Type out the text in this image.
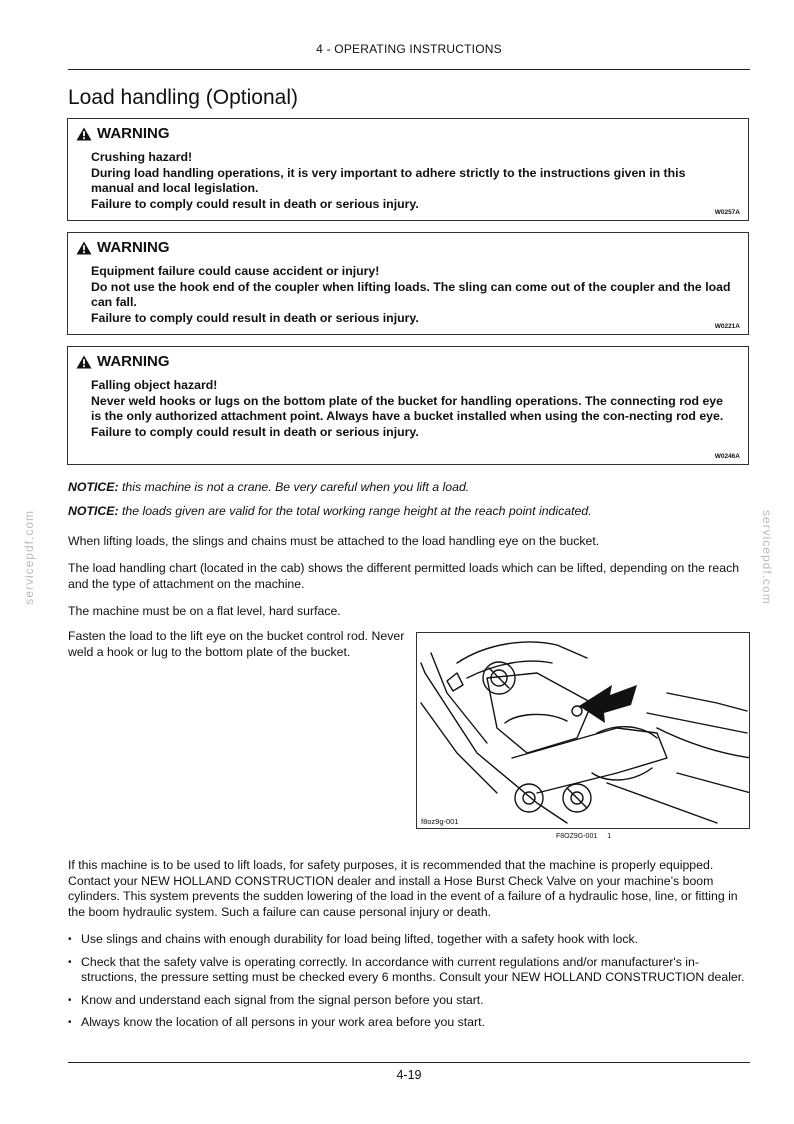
4 - OPERATING INSTRUCTIONS
Load handling (Optional)
WARNING
Crushing hazard!
During load handling operations, it is very important to adhere strictly to the instructions given in this manual and local legislation.
Failure to comply could result in death or serious injury.
W0257A
WARNING
Equipment failure could cause accident or injury!
Do not use the hook end of the coupler when lifting loads. The sling can come out of the coupler and the load can fall.
Failure to comply could result in death or serious injury.
W0221A
WARNING
Falling object hazard!
Never weld hooks or lugs on the bottom plate of the bucket for handling operations. The connecting rod eye is the only authorized attachment point. Always have a bucket installed when using the con-necting rod eye.
Failure to comply could result in death or serious injury.
W0246A
NOTICE: this machine is not a crane. Be very careful when you lift a load.
NOTICE: the loads given are valid for the total working range height at the reach point indicated.
When lifting loads, the slings and chains must be attached to the load handling eye on the bucket.
The load handling chart (located in the cab) shows the different permitted loads which can be lifted, depending on the reach and the type of attachment on the machine.
The machine must be on a flat level, hard surface.
Fasten the load to the lift eye on the bucket control rod. Never weld a hook or lug to the bottom plate of the bucket.
f8oz9g-001
F8OZ9G-001 1
If this machine is to be used to lift loads, for safety purposes, it is recommended that the machine is properly equipped. Contact your NEW HOLLAND CONSTRUCTION dealer and install a Hose Burst Check Valve on your machine’s boom cylinders. This system prevents the sudden lowering of the load in the event of a failure of a hydraulic hose, line, or fitting in the boom hydraulic system. Such a failure can cause personal injury or death.
• Use slings and chains with enough durability for load being lifted, together with a safety hook with lock.
• Check that the safety valve is operating correctly. In accordance with current regulations and/or manufacturer's in-structions, the pressure setting must be checked every 6 months. Consult your NEW HOLLAND CONSTRUCTION dealer.
• Know and understand each signal from the signal person before you start.
• Always know the location of all persons in your work area before you start.
servicepdf.com	servicepdf.com
4-19
